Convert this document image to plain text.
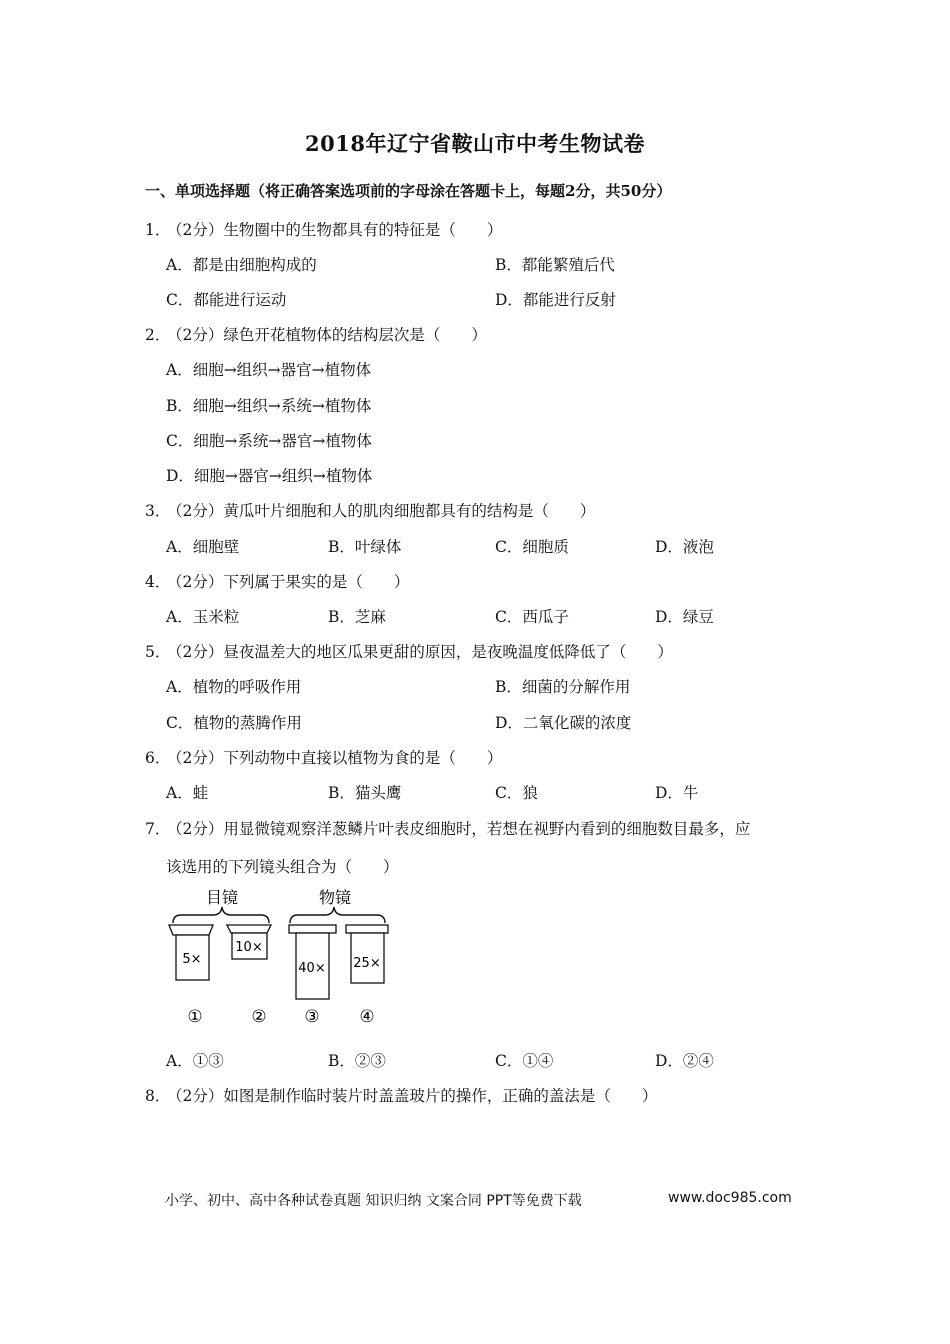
2018年辽宁省鞍山市中考生物试卷
一、单项选择题（将正确答案选项前的字母涂在答题卡上，每题2分，共50分）
1．（2分）生物圈中的生物都具有的特征是（　　）
A．都是由细胞构成的	B．都能繁殖后代
C．都能进行运动	D．都能进行反射
2．（2分）绿色开花植物体的结构层次是（　　）
A．细胞→组织→器官→植物体
B．细胞→组织→系统→植物体
C．细胞→系统→器官→植物体
D．细胞→器官→组织→植物体
3．（2分）黄瓜叶片细胞和人的肌肉细胞都具有的结构是（　　）
A．细胞壁	B．叶绿体	C．细胞质	D．液泡
4．（2分）下列属于果实的是（　　）
A．玉米粒	B．芝麻	C．西瓜子	D．绿豆
5．（2分）昼夜温差大的地区瓜果更甜的原因，是夜晚温度低降低了（　　）
A．植物的呼吸作用	B．细菌的分解作用
C．植物的蒸腾作用	D．二氧化碳的浓度
6．（2分）下列动物中直接以植物为食的是（　　）
A．蛙	B．猫头鹰	C．狼	D．牛
7．（2分）用显微镜观察洋葱鳞片叶表皮细胞时，若想在视野内看到的细胞数目最多，应
该选用的下列镜头组合为（　　）
目镜	物镜
5×
10×
40× 25×
①	② ③ ④
A．①③	B．②③	C．①④	D．②④
8．（2分）如图是制作临时装片时盖盖玻片的操作，正确的盖法是（　　）
小学、初中、高中各种试卷真题 知识归纳 文案合同 PPT等免费下载	www.doc985.com
